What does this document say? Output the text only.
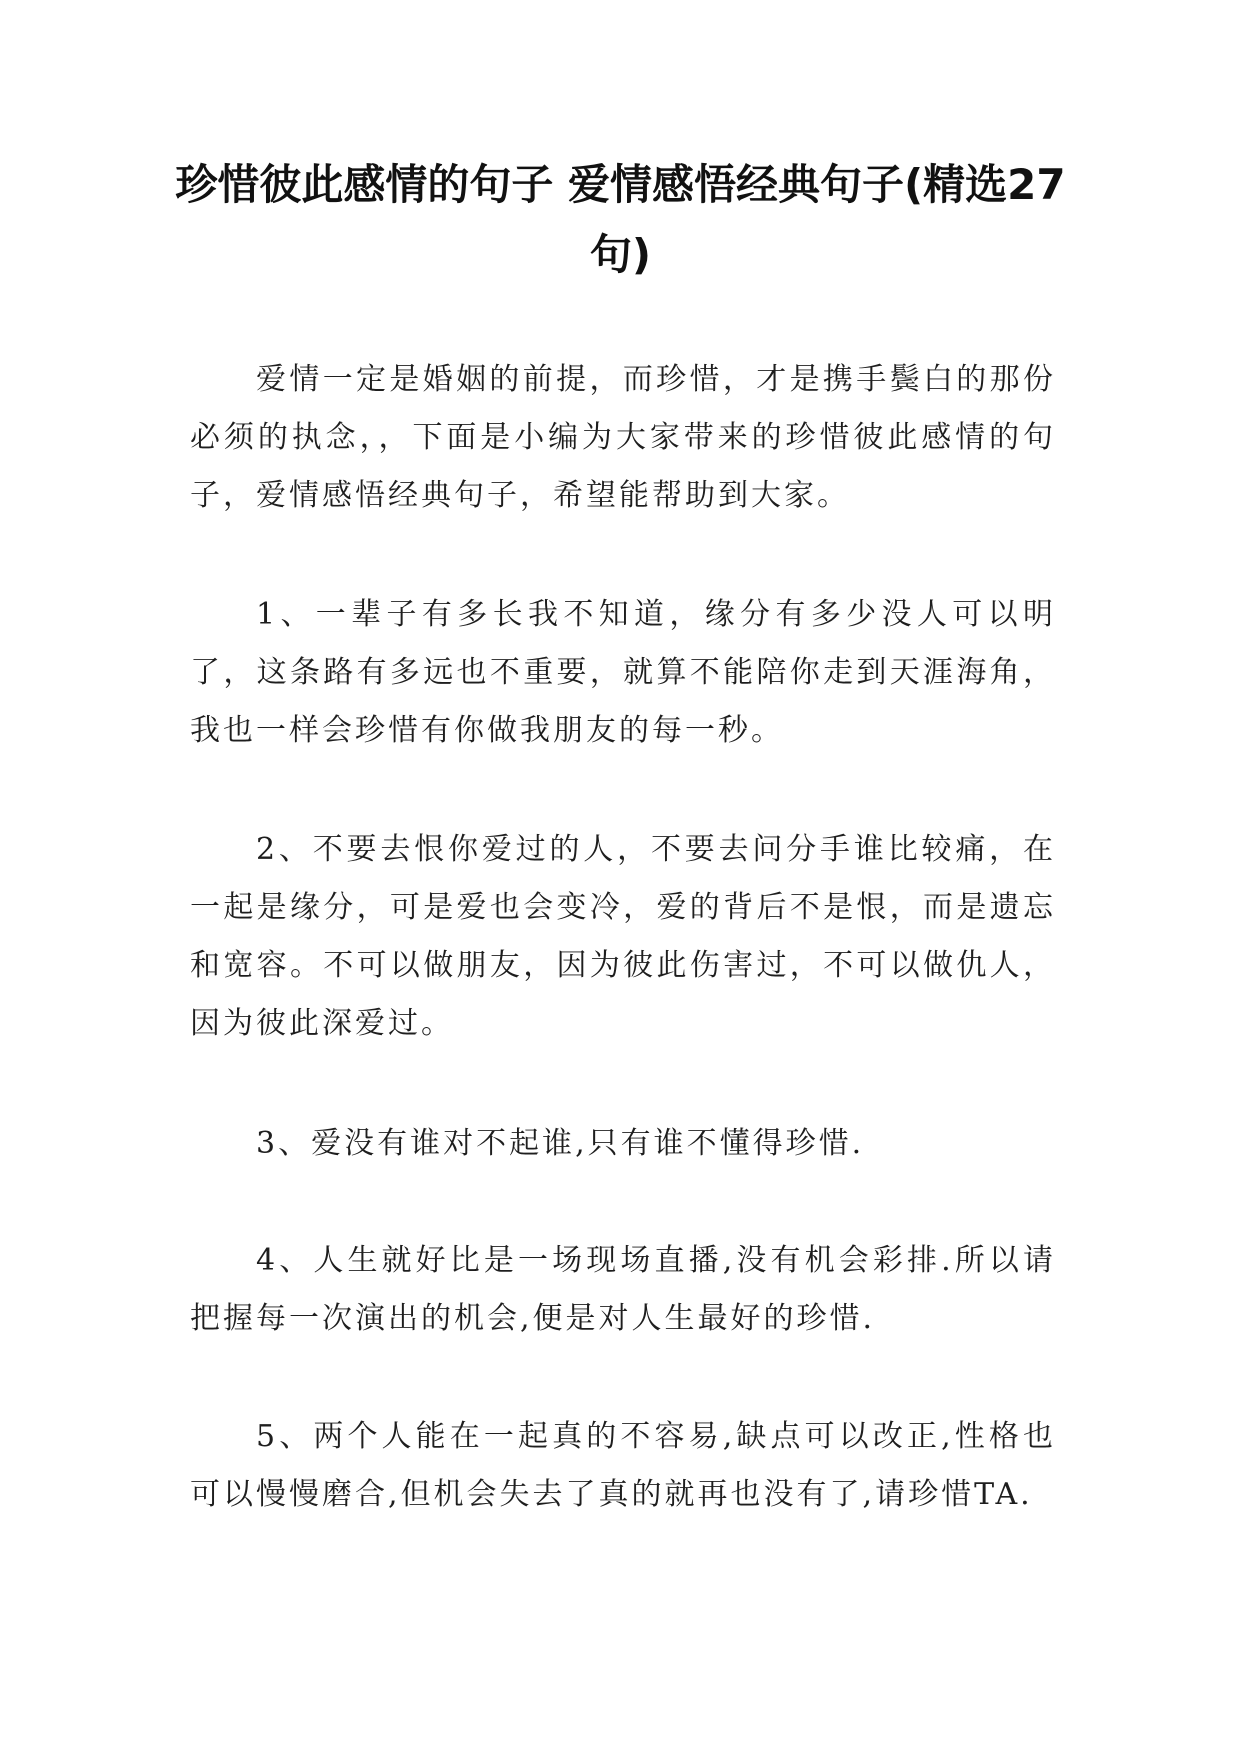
珍惜彼此感情的句子 爱情感悟经典句子(精选27句)

爱情一定是婚姻的前提，而珍惜，才是携手鬓白的那份必须的执念，，下面是小编为大家带来的珍惜彼此感情的句子，爱情感悟经典句子，希望能帮助到大家。

1、一辈子有多长我不知道，缘分有多少没人可以明了，这条路有多远也不重要，就算不能陪你走到天涯海角，我也一样会珍惜有你做我朋友的每一秒。

2、不要去恨你爱过的人，不要去问分手谁比较痛，在一起是缘分，可是爱也会变冷，爱的背后不是恨，而是遗忘和宽容。不可以做朋友，因为彼此伤害过，不可以做仇人，因为彼此深爱过。

3、爱没有谁对不起谁,只有谁不懂得珍惜.

4、人生就好比是一场现场直播,没有机会彩排.所以请把握每一次演出的机会,便是对人生最好的珍惜.

5、两个人能在一起真的不容易,缺点可以改正,性格也可以慢慢磨合,但机会失去了真的就再也没有了,请珍惜TA.
